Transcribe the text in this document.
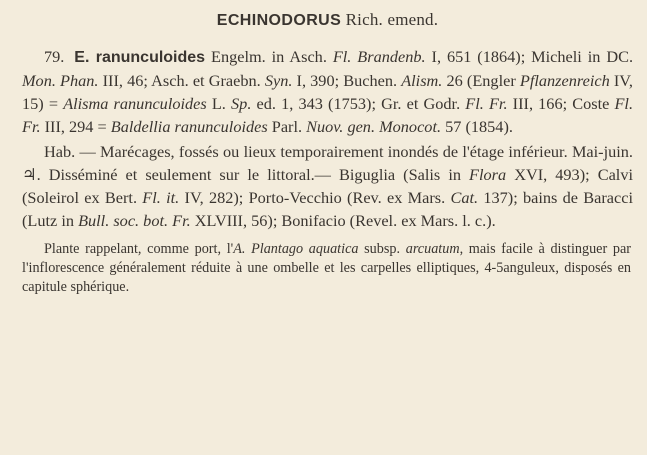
ECHINODORUS Rich. emend.

79. E. ranunculoides Engelm. in Asch. Fl. Brandenb. I, 651 (1864); Micheli in DC. Mon. Phan. III, 46; Asch. et Graebn. Syn. I, 390; Buchen. Alism. 26 (Engler Pflanzenreich IV, 15) = Alisma ranunculoides L. Sp. ed. 1, 343 (1753); Gr. et Godr. Fl. Fr. III, 166; Coste Fl. Fr. III, 294 = Baldellia ranunculoides Parl. Nuov. gen. Monocot. 57 (1854).

Hab. — Marécages, fossés ou lieux temporairement inondés de l'étage inférieur. Mai-juin. ♃. Disséminé et seulement sur le littoral.— Biguglia (Salis in Flora XVI, 493); Calvi (Soleirol ex Bert. Fl. it. IV, 282); Porto-Vecchio (Rev. ex Mars. Cat. 137); bains de Baracci (Lutz in Bull. soc. bot. Fr. XLVIII, 56); Bonifacio (Revel. ex Mars. l. c.).

Plante rappelant, comme port, l'A. Plantago aquatica subsp. arcuatum, mais facile à distinguer par l'inflorescence généralement réduite à une ombelle et les carpelles elliptiques, 4-5anguleux, disposés en capitule sphérique.
